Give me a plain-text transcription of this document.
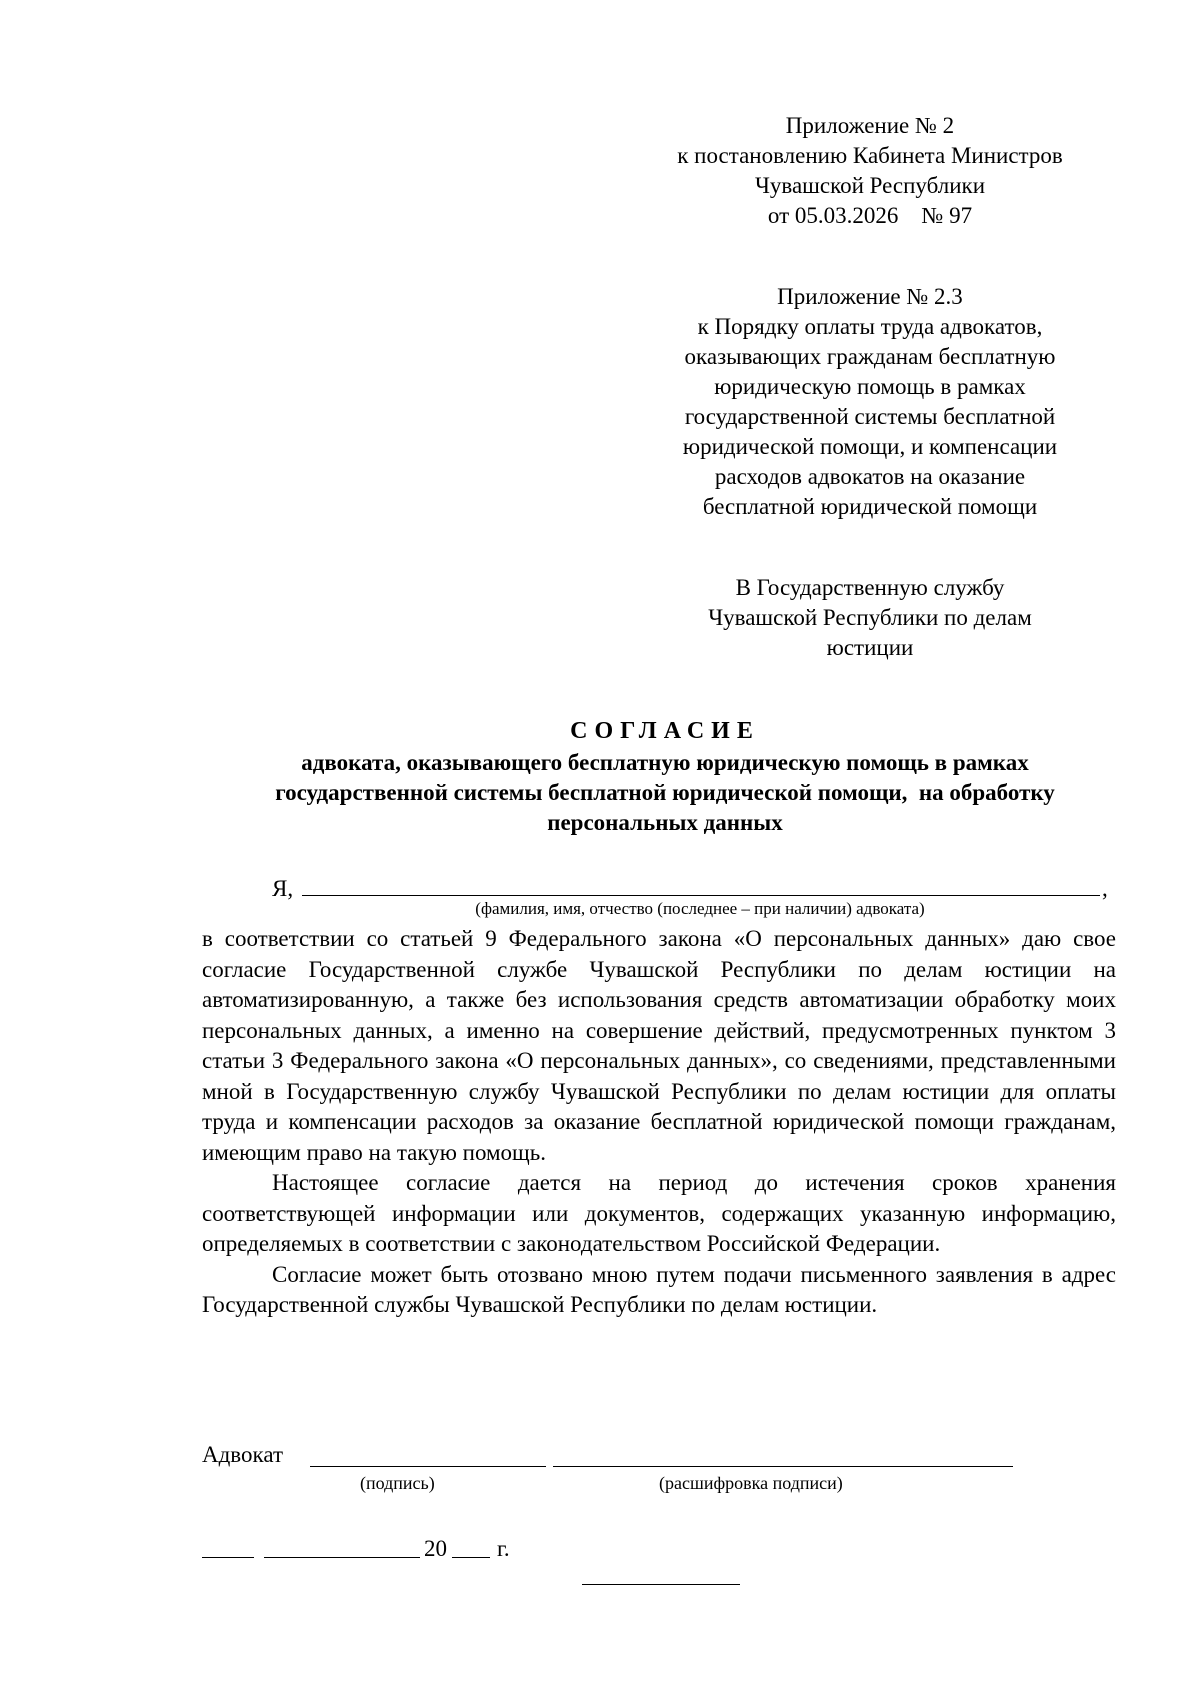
Приложение № 2
к постановлению Кабинета Министров
Чувашской Республики
от 05.03.2026    № 97
Приложение № 2.3
к Порядку оплаты труда адвокатов,
оказывающих гражданам бесплатную
юридическую помощь в рамках
государственной системы бесплатной
юридической помощи, и компенсации
расходов адвокатов на оказание
бесплатной юридической помощи
В Государственную службу
Чувашской Республики по делам
юстиции
СОГЛАСИЕ
адвоката, оказывающего бесплатную юридическую помощь в рамках
государственной системы бесплатной юридической помощи,  на обработку
персональных данных
Я,	,
(фамилия, имя, отчество (последнее – при наличии) адвоката)

в соответствии со статьей 9 Федерального закона «О персональных данных» даю свое согласие Государственной службе Чувашской Республики по делам юстиции на автоматизированную, а также без использования средств автоматизации обработку моих персональных данных, а именно на совершение действий, предусмотренных пунктом 3 статьи 3 Федерального закона «О персональных данных», со сведениями, представленными мной в Государственную службу Чувашской Республики по делам юстиции для оплаты труда и компенсации расходов за оказание бесплатной юридической помощи гражданам, имеющим право на такую помощь.

Настоящее согласие дается на период до истечения сроков хранения соответствующей информации или документов, содержащих указанную информацию, определяемых в соответствии с законодательством Российской Федерации.

Согласие может быть отозвано мною путем подачи письменного заявления в адрес Государственной службы Чувашской Республики по делам юстиции.

Адвокат
(подпись)	(расшифровка подписи)
20 г.
